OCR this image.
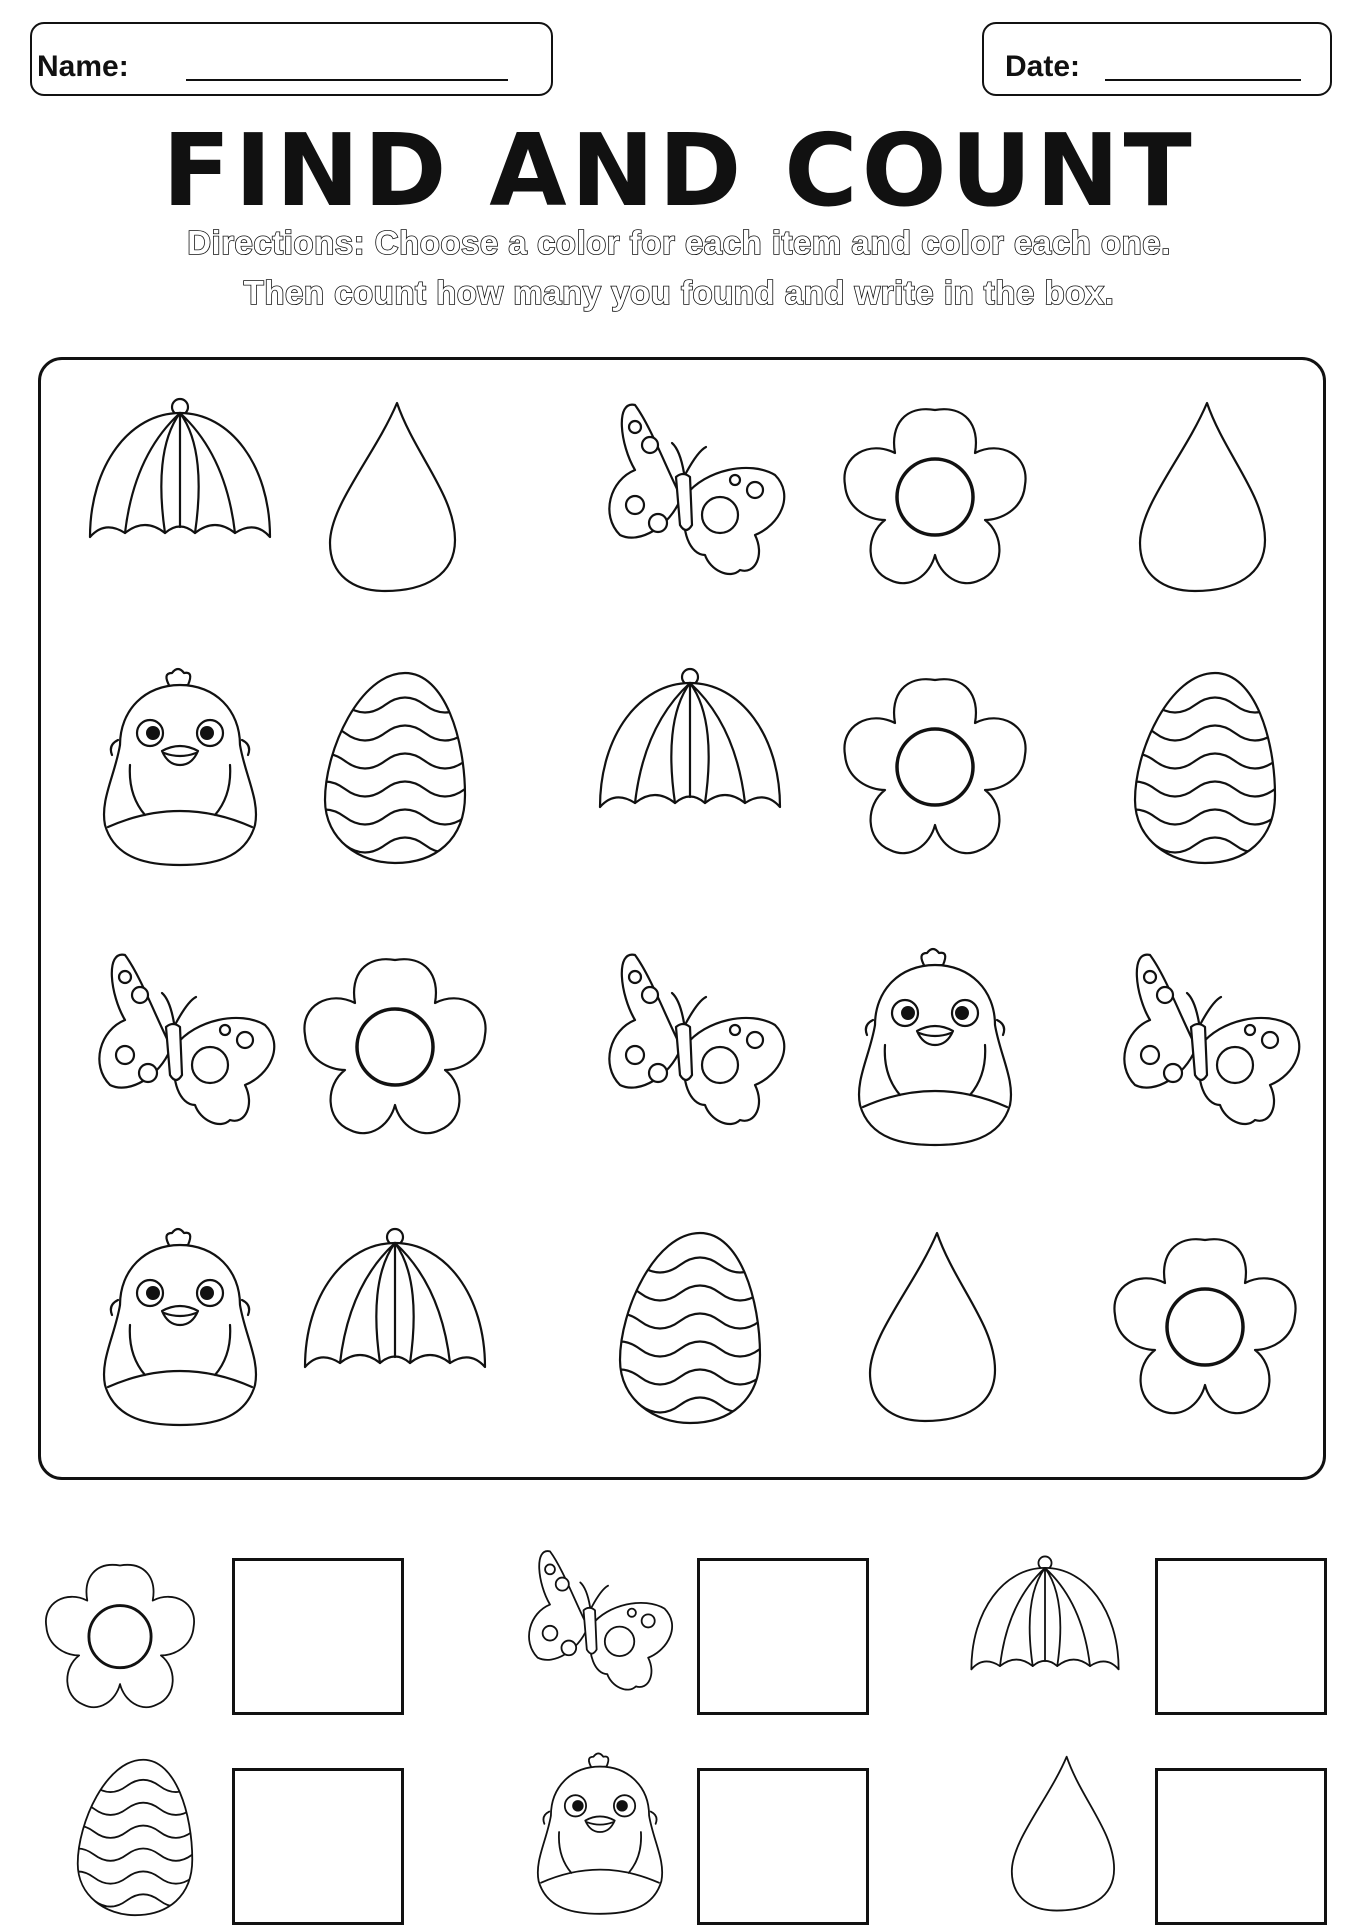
Name:	Date:
FIND AND COUNT
Directions: Choose a color for each item and color each one.
Then count how many you found and write in the box.
